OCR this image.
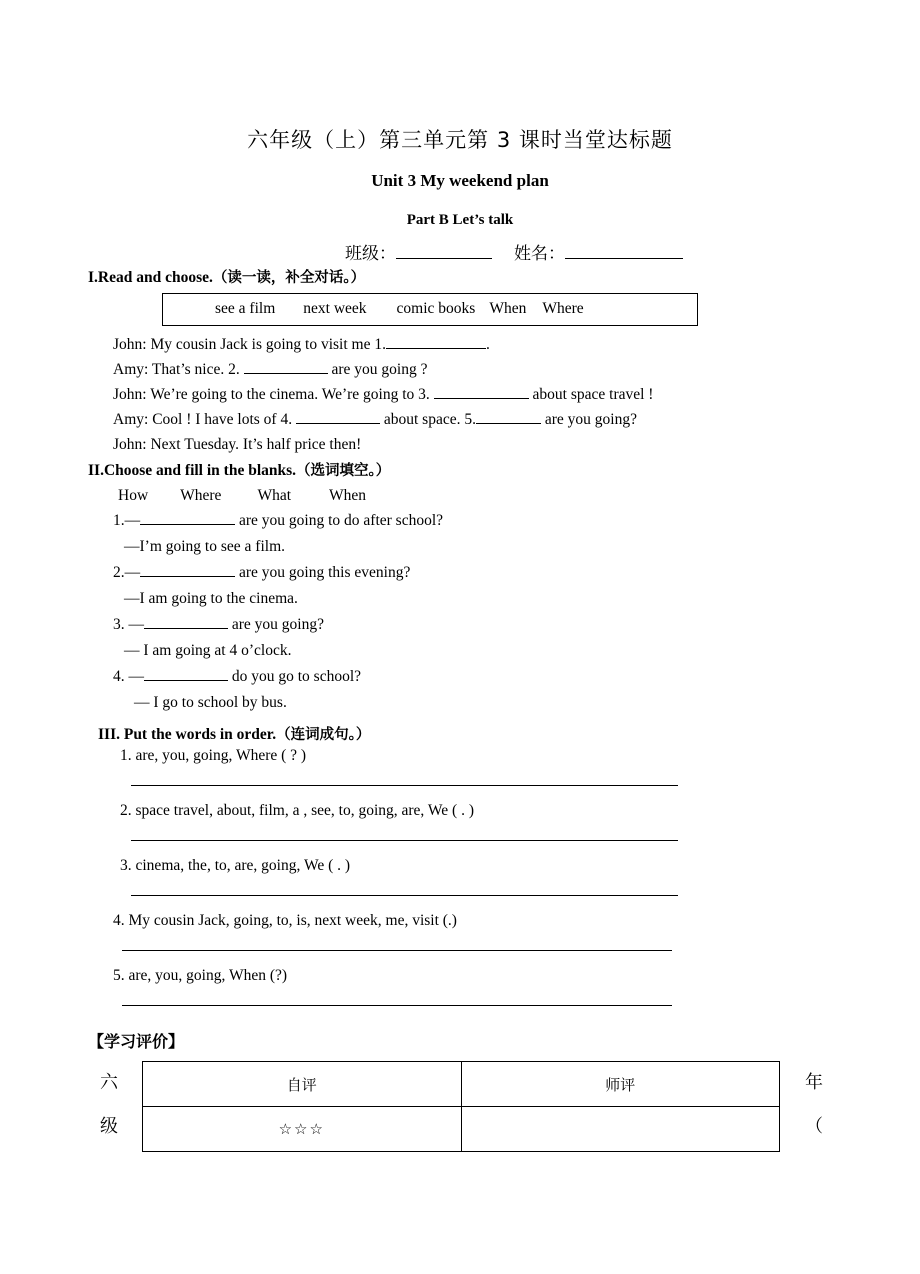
六年级（上）第三单元第 3 课时当堂达标题
Unit 3 My weekend plan
Part B Let’s talk
班级：	姓名：
I.Read and choose.（读一读，补全对话。）
see a film next week comic books When Where
John: My cousin Jack is going to visit me 1.	.
Amy: That’s nice. 2.	are you going ?
John: We’re going to the cinema. We’re going to 3.	about space travel !
Amy: Cool ! I have lots of 4.	about space. 5.	are you going?
John: Next Tuesday. It’s half price then!
II.Choose and fill in the blanks.（选词填空。）
How Where What When
1.—	are you going to do after school?
—I’m going to see a film.
2.—	are you going this evening?
—I am going to the cinema.
3. —	are you going?
— I am going at 4 o’clock.
4. —	do you go to school?
— I go to school by bus.
III. Put the words in order.（连词成句。）
1. are, you, going, Where ( ? )
2. space travel, about, film, a , see, to, going, are, We ( . )
3. cinema, the, to, are, going, We ( . )
4. My cousin Jack, going, to, is, next week, me, visit (.)
5. are, you, going, When (?)
【学习评价】
六
级
自评	师评
☆☆☆	
年
（
